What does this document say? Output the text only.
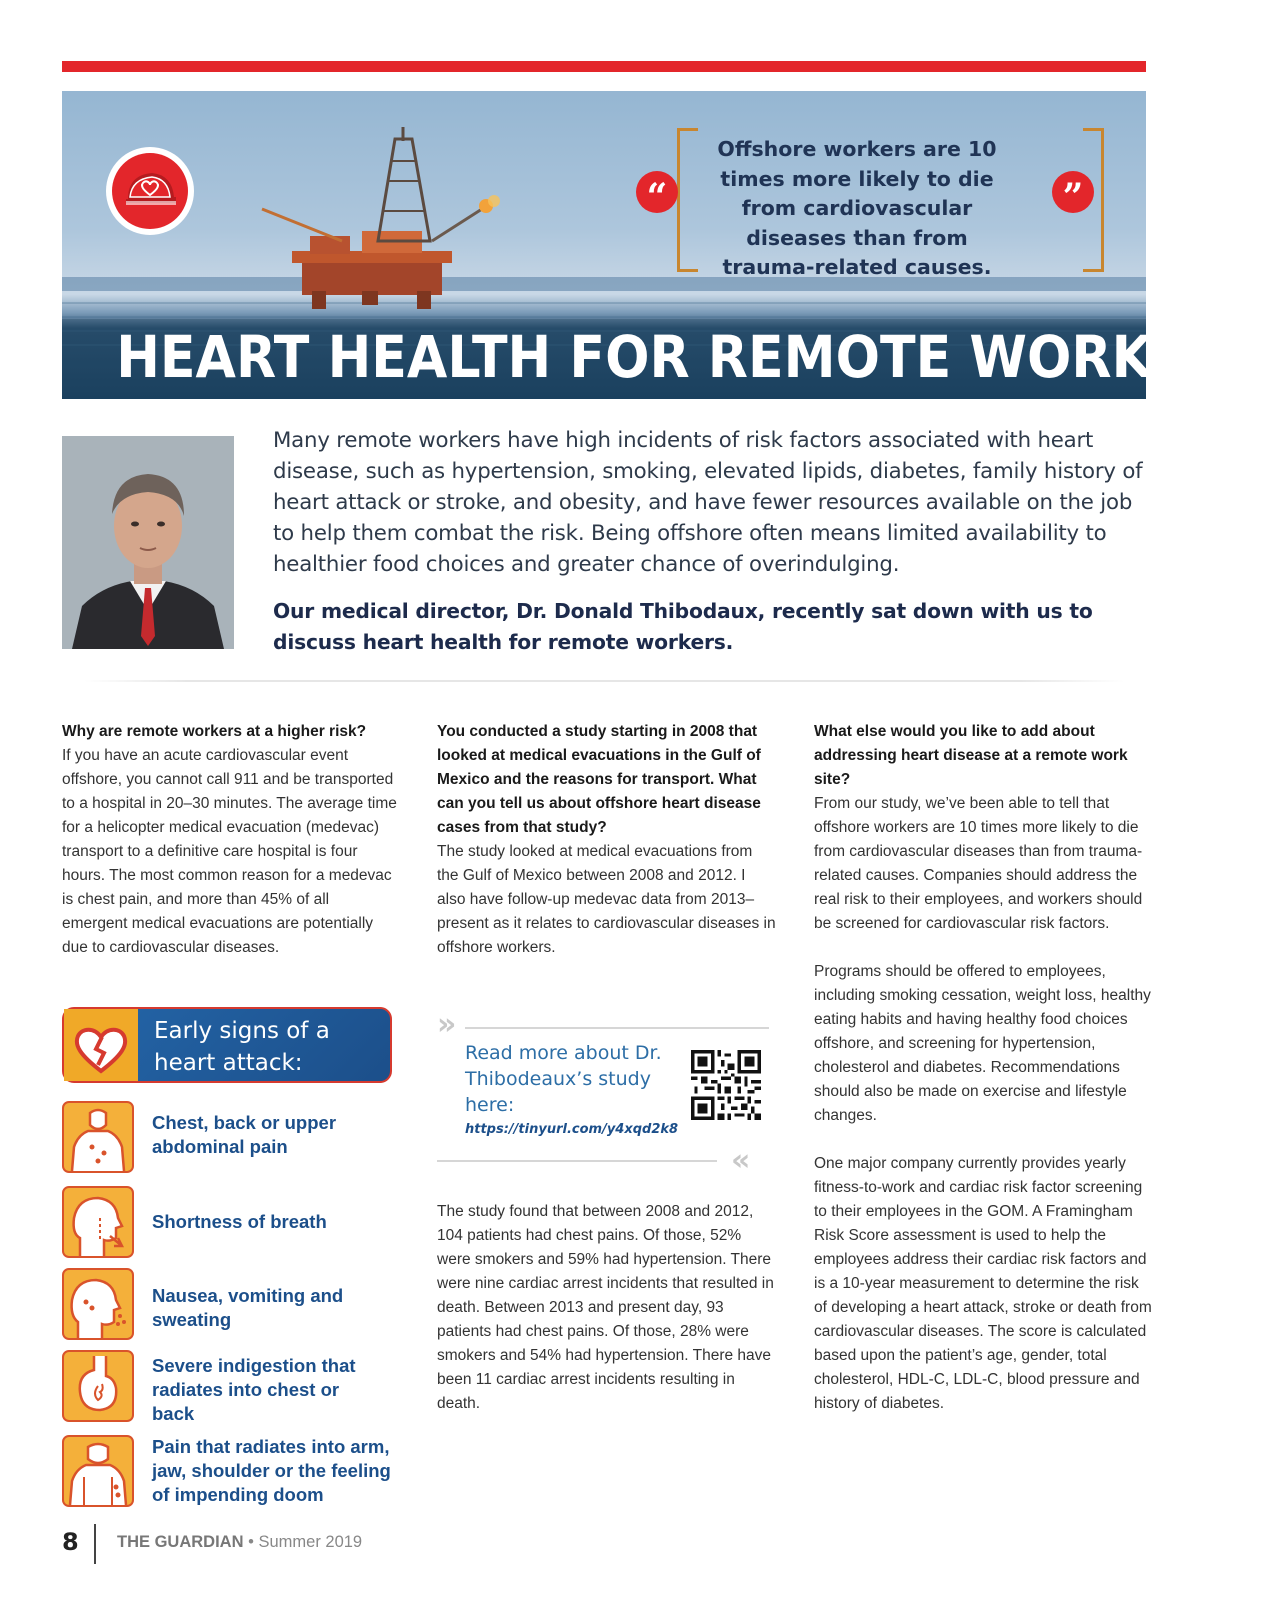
“	”
Offshore workers are 10 times more likely to die from cardiovascular diseases than from trauma-related causes.
HEART HEALTH FOR REMOTE WORKERS

Many remote workers have high incidents of risk factors associated with heart disease, such as hypertension, smoking, elevated lipids, diabetes, family history of heart attack or stroke, and obesity, and have fewer resources available on the job to help them combat the risk. Being offshore often means limited availability to healthier food choices and greater chance of overindulging.

Our medical director, Dr. Donald Thibodaux, recently sat down with us to discuss heart health for remote workers.

Why are remote workers at a higher risk?

If you have an acute cardiovascular event offshore, you cannot call 911 and be transported to a hospital in 20–30 minutes. The average time for a helicopter medical evacuation (medevac) transport to a definitive care hospital is four hours. The most common reason for a medevac is chest pain, and more than 45% of all emergent medical evacuations are potentially due to cardiovascular diseases.

Early signs of a heart attack:
Chest, back or upper abdominal pain
Shortness of breath
Nausea, vomiting and sweating
Severe indigestion that radiates into chest or back
Pain that radiates into arm, jaw, shoulder or the feeling of impending doom

You conducted a study starting in 2008 that looked at medical evacuations in the Gulf of Mexico and the reasons for transport. What can you tell us about offshore heart disease cases from that study?

The study looked at medical evacuations from the Gulf of Mexico between 2008 and 2012. I also have follow-up medevac data from 2013–present as it relates to cardiovascular diseases in offshore workers.

»

Read more about Dr. Thibodeaux’s study here:

https://tinyurl.com/y4xqd2k8
«

The study found that between 2008 and 2012, 104 patients had chest pains. Of those, 52% were smokers and 59% had hypertension. There were nine cardiac arrest incidents that resulted in death. Between 2013 and present day, 93 patients had chest pains. Of those, 28% were smokers and 54% had hypertension. There have been 11 cardiac arrest incidents resulting in death.

What else would you like to add about addressing heart disease at a remote work site?

From our study, we’ve been able to tell that offshore workers are 10 times more likely to die from cardiovascular diseases than from trauma-related causes. Companies should address the real risk to their employees, and workers should be screened for cardiovascular risk factors.

Programs should be offered to employees, including smoking cessation, weight loss, healthy eating habits and having healthy food choices offshore, and screening for hypertension, cholesterol and diabetes. Recommendations should also be made on exercise and lifestyle changes.

One major company currently provides yearly fitness-to-work and cardiac risk factor screening to their employees in the GOM. A Framingham Risk Score assessment is used to help the employees address their cardiac risk factors and is a 10-year measurement to determine the risk of developing a heart attack, stroke or death from cardiovascular diseases. The score is calculated based upon the patient’s age, gender, total cholesterol, HDL-C, LDL-C, blood pressure and history of diabetes.

8 THE GUARDIAN • Summer 2019
